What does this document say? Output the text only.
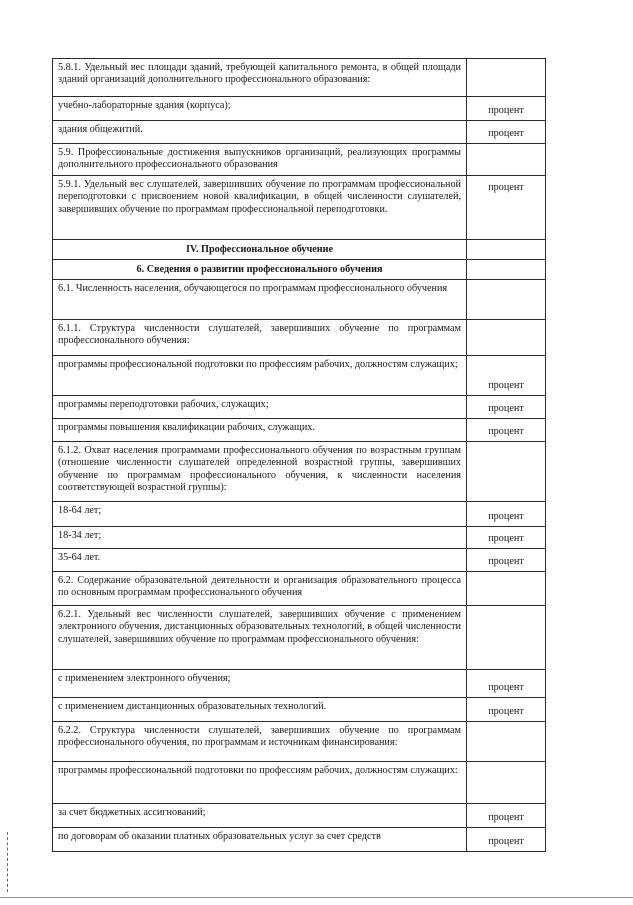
5.8.1. Удельный вес площади зданий, требующей капитального ремонта, в общей площади зданий организаций дополнительного профессионального образования:	
учебно-лабораторные здания (корпуса);	процент
здания общежитий.	процент
5.9. Профессиональные достижения выпускников организаций, реализующих программы дополнительного профессионального образования	
5.9.1. Удельный вес слушателей, завершивших обучение по программам профессиональной переподготовки с присвоением новой квалификации, в общей численности слушателей, завершивших обучение по программам профессиональной переподготовки.	процент
IV. Профессиональное обучение	
6. Сведения о развитии профессионального обучения	
6.1. Численность населения, обучающегося по программам профессионального обучения	
6.1.1. Структура численности слушателей, завершивших обучение по программам профессионального обучения:	
программы профессиональной подготовки по профессиям рабочих, должностям служащих;	процент
программы переподготовки рабочих, служащих;	процент
программы повышения квалификации рабочих, служащих.	процент
6.1.2. Охват населения программами профессионального обучения по возрастным группам (отношение численности слушателей определенной возрастной группы, завершивших обучение по программам профессионального обучения, к численности населения соответствующей возрастной группы):	
18-64 лет;	процент
18-34 лет;	процент
35-64 лет.	процент
6.2. Содержание образовательной деятельности и организация образовательного процесса по основным программам профессионального обучения	
6.2.1. Удельный вес численности слушателей, завершивших обучение с применением электронного обучения, дистанционных образовательных технологий, в общей численности слушателей, завершивших обучение по программам профессионального обучения:	
с применением электронного обучения;	процент
с применением дистанционных образовательных технологий.	процент
6.2.2. Структура численности слушателей, завершивших обучение по программам профессионального обучения, по программам и источникам финансирования:	
программы профессиональной подготовки по профессиям рабочих, должностям служащих:	
за счет бюджетных ассигнований;	процент
по договорам об оказании платных образовательных услуг за счет средств	процент
